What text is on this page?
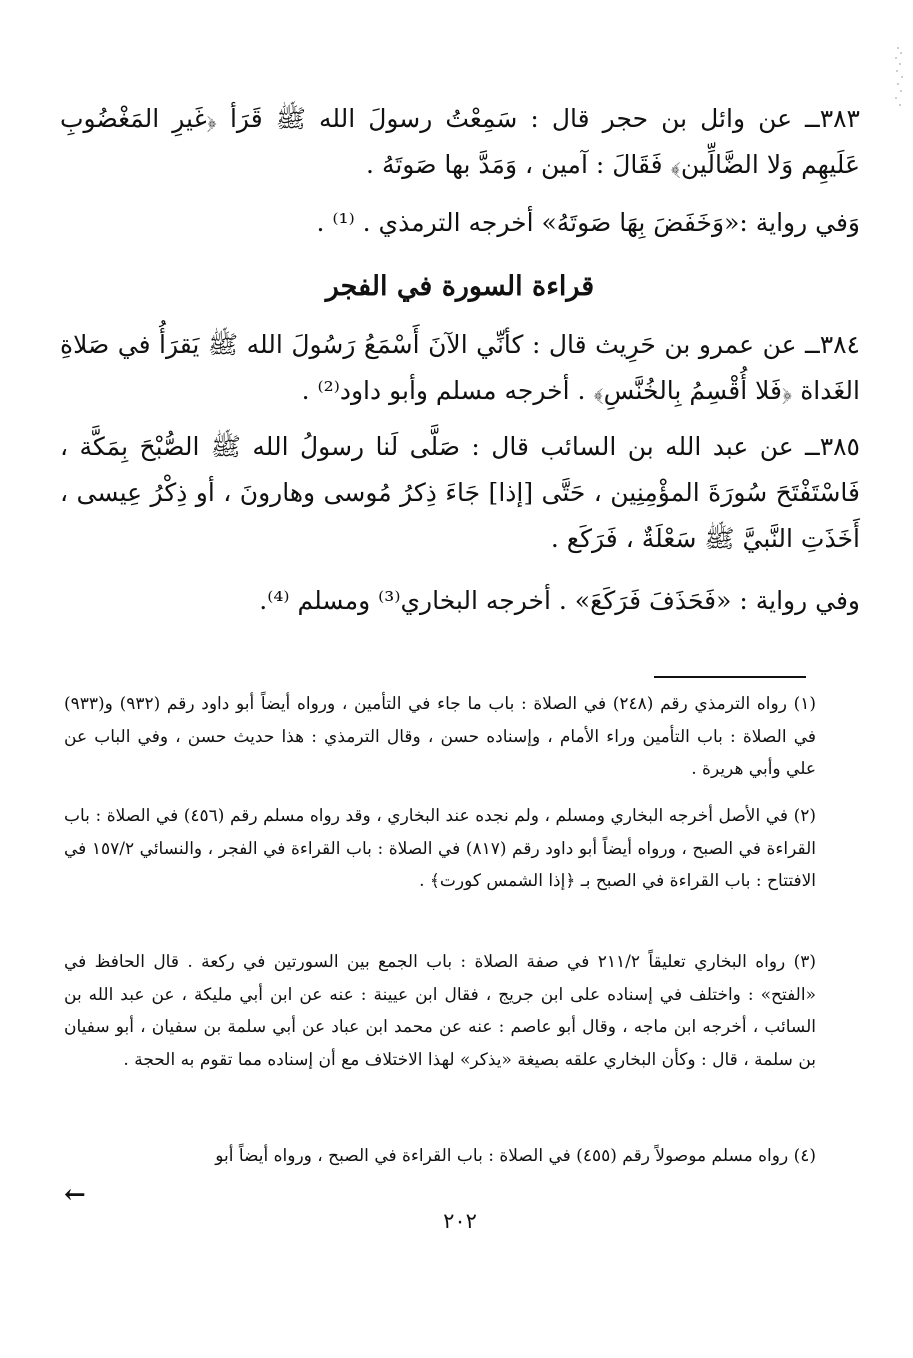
٣٨٣ــ عن وائل بن حجر قال : سَمِعْتُ رسولَ الله ﷺ قَرَأ ﴿غَيرِ المَغْضُوبِ عَلَيهِم وَلا الضَّالِّين﴾ فَقَالَ : آمين ، وَمَدَّ بها صَوتَهُ .
وَفي رواية :«وَخَفَضَ بِهَا صَوتَهُ» أخرجه الترمذي . ⁽¹⁾ .
قراءة السورة في الفجر
٣٨٤ــ عن عمرو بن حَرِيث قال : كأنِّي الآنَ أَسْمَعُ رَسُولَ الله ﷺ يَقرَأُ في صَلاةِ الغَداة ﴿فَلا أُقْسِمُ بِالخُنَّسِ﴾ . أخرجه مسلم وأبو داود⁽²⁾ .
٣٨٥ــ عن عبد الله بن السائب قال : صَلَّى لَنا رسولُ الله ﷺ الصُّبْحَ بِمَكَّة ، فَاسْتَفْتَحَ سُورَةَ المؤْمِنِين ، حَتَّى [إذا] جَاءَ ذِكرُ مُوسى وهارونَ ، أو ذِكْرُ عِيسى ، أَخَذَتِ النَّبيَّ ﷺ سَعْلَةٌ ، فَرَكَع .
وفي رواية : «فَحَذَفَ فَرَكَعَ» . أخرجه البخاري⁽³⁾ ومسلم ⁽⁴⁾.
(١) رواه الترمذي رقم (٢٤٨) في الصلاة : باب ما جاء في التأمين ، ورواه أيضاً أبو داود رقم (٩٣٢) و(٩٣٣) في الصلاة : باب التأمين وراء الأمام ، وإسناده حسن ، وقال الترمذي : هذا حديث حسن ، وفي الباب عن علي وأبي هريرة .
(٢) في الأصل أخرجه البخاري ومسلم ، ولم نجده عند البخاري ، وقد رواه مسلم رقم (٤٥٦) في الصلاة : باب القراءة في الصبح ، ورواه أيضاً أبو داود رقم (٨١٧) في الصلاة : باب القراءة في الفجر ، والنسائي ١٥٧/٢ في الافتتاح : باب القراءة في الصبح بـ ﴿إذا الشمس كورت﴾ .
(٣) رواه البخاري تعليقاً ٢١١/٢ في صفة الصلاة : باب الجمع بين السورتين في ركعة . قال الحافظ في «الفتح» : واختلف في إسناده على ابن جريج ، فقال ابن عيينة : عنه عن ابن أبي مليكة ، عن عبد الله بن السائب ، أخرجه ابن ماجه ، وقال أبو عاصم : عنه عن محمد ابن عباد عن أبي سلمة بن سفيان ، أبو سفيان بن سلمة ، قال : وكأن البخاري علقه بصيغة «يذكر» لهذا الاختلاف مع أن إسناده مما تقوم به الحجة .
(٤) رواه مسلم موصولاً رقم (٤٥٥) في الصلاة : باب القراءة في الصبح ، ورواه أيضاً أبو
←
٢٠٢
